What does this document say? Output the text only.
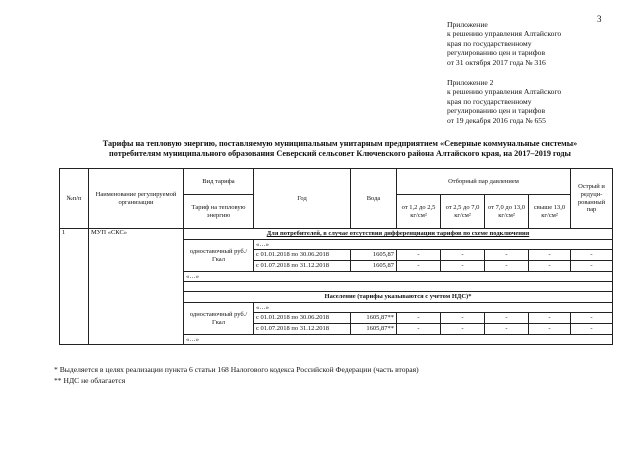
3
Приложение
к решению управления Алтайского
края по государственному
регулированию цен и тарифов
от 31 октября 2017 года № 316
Приложение 2
к решению управления Алтайского
края по государственному
регулированию цен и тарифов
от 19 декабря 2016 года № 655
Тарифы на тепловую энергию, поставляемую муниципальным унитарным предприятием «Северные коммунальные системы»
потребителям муниципального образования Северский сельсовет Ключевского района Алтайского края, на 2017–2019 годы
№п/п	Наименование регулируемой организации	Вид тарифа	Год	Вода	Отборный пар давлением				Острый и редуци-рованный пар
		Тариф на тепловую энергию			от 1,2 до 2,5 кг/см²	от 2,5 до 7,0 кг/см²	от 7,0 до 13,0 кг/см²	свыше 13,0 кг/см²	
1	МУП «СКС»	Для потребителей, в случае отсутствия дифференциации тарифов по схеме подключения							
		одноставочный руб./Гкал	«…»						
			с 01.01.2018 по 30.06.2018	1605,87	-	-	-	-	-
			с 01.07.2018 по 31.12.2018	1605,87	-	-	-	-	-
		«…»							

		Население (тарифы указываются с учетом НДС)*							
		одноставочный руб./Гкал	«…»						
			с 01.01.2018 по 30.06.2018	1605,87**	-	-	-	-	-
			с 01.07.2018 по 31.12.2018	1605,87**	-	-	-	-	-
		«…»							
* Выделяется в целях реализации пункта 6 статьи 168 Налогового кодекса Российской Федерации (часть вторая)
** НДС не облагается
